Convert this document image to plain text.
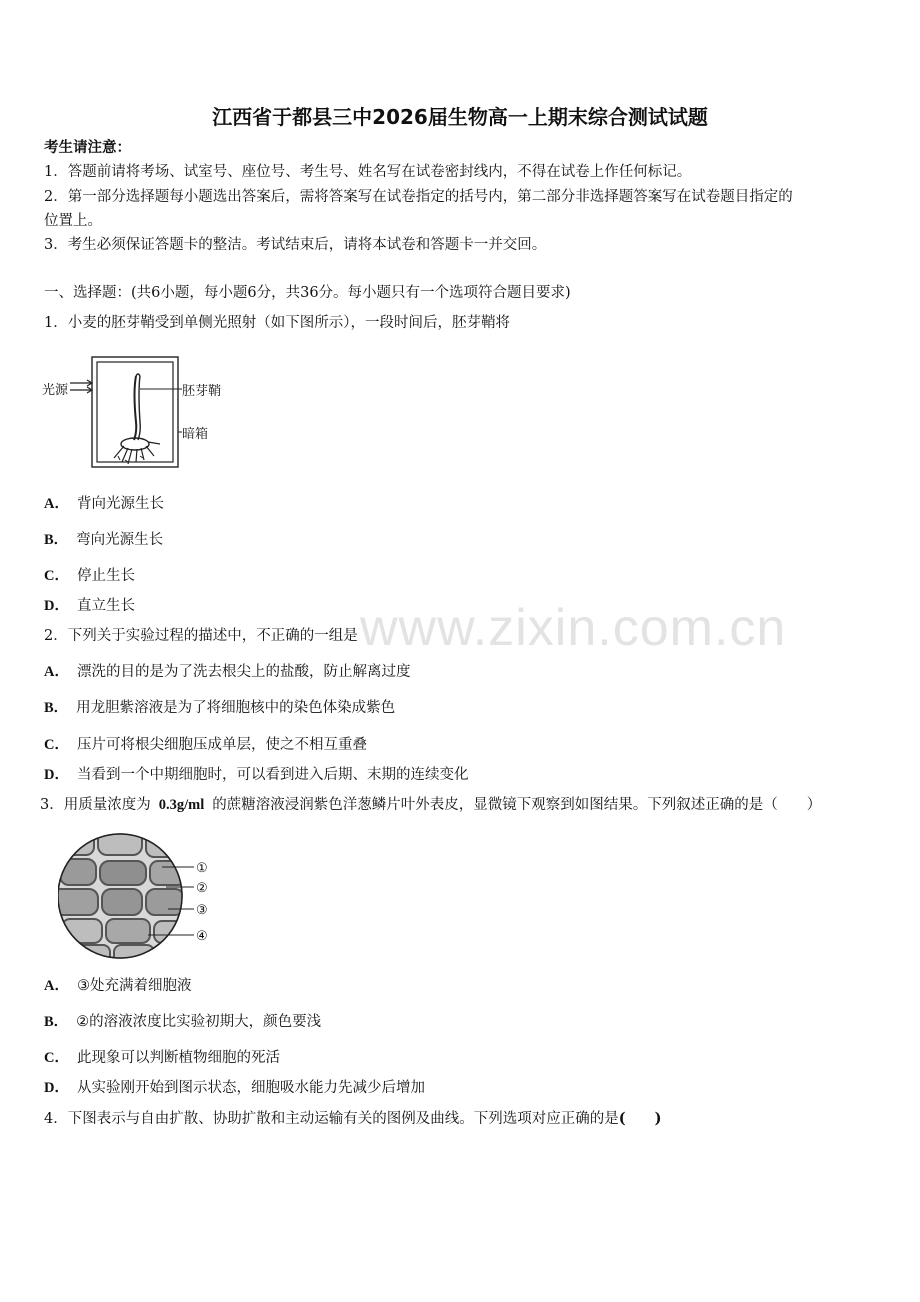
江西省于都县三中2026届生物高一上期末综合测试试题
考生请注意：
1．答题前请将考场、试室号、座位号、考生号、姓名写在试卷密封线内，不得在试卷上作任何标记。
2．第一部分选择题每小题选出答案后，需将答案写在试卷指定的括号内，第二部分非选择题答案写在试卷题目指定的
位置上。
3．考生必须保证答题卡的整洁。考试结束后，请将本试卷和答题卡一并交回。
一、选择题：(共6小题，每小题6分，共36分。每小题只有一个选项符合题目要求)
1．小麦的胚芽鞘受到单侧光照射（如下图所示），一段时间后，胚芽鞘将
光源	胚芽鞘
暗箱
A． 背向光源生长
B． 弯向光源生长
C． 停止生长
D． 直立生长	www.zixin.com.cn
2．下列关于实验过程的描述中，不正确的一组是
A． 漂洗的目的是为了洗去根尖上的盐酸，防止解离过度
B． 用龙胆紫溶液是为了将细胞核中的染色体染成紫色
C． 压片可将根尖细胞压成单层，使之不相互重叠
D． 当看到一个中期细胞时，可以看到进入后期、末期的连续变化
3．用质量浓度为 0.3g/ml 的蔗糖溶液浸润紫色洋葱鳞片叶外表皮，显微镜下观察到如图结果。下列叙述正确的是（　　）
①
②
③
④
A． ③处充满着细胞液
B． ②的溶液浓度比实验初期大，颜色要浅
C． 此现象可以判断植物细胞的死活
D． 从实验刚开始到图示状态，细胞吸水能力先减少后增加
4．下图表示与自由扩散、协助扩散和主动运输有关的图例及曲线。下列选项对应正确的是(　　)
